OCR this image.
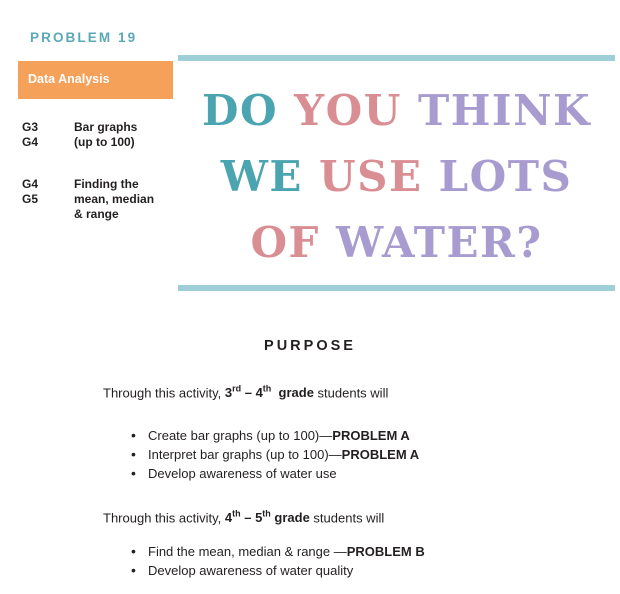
PROBLEM 19
Data Analysis
G3
G4
Bar graphs
(up to 100)
G4
G5
Finding the
mean, median
& range
DO YOU THINK
WE USE LOTS
OF WATER?
PURPOSE
Through this activity, 3rd – 4th  grade students will
• Create bar graphs (up to 100)—PROBLEM A
• Interpret bar graphs (up to 100)—PROBLEM A
• Develop awareness of water use
Through this activity, 4th – 5th grade students will
• Find the mean, median & range —PROBLEM B
• Develop awareness of water quality
